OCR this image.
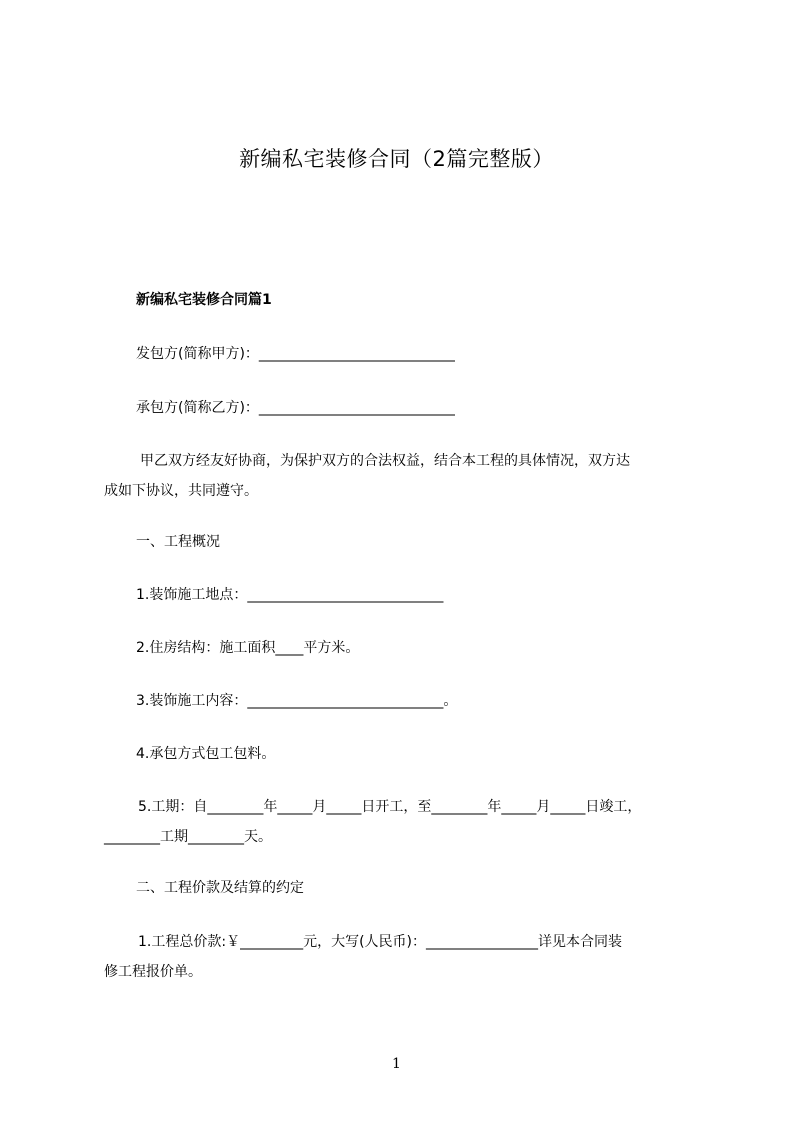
新编私宅装修合同（2篇完整版）
新编私宅装修合同篇1
发包方(简称甲方)：____________________________
承包方(简称乙方)：____________________________
甲乙双方经友好协商，为保护双方的合法权益，结合本工程的具体情况，双方达
成如下协议，共同遵守。
一、工程概况
1.装饰施工地点：____________________________
2.住房结构：施工面积____平方米。
3.装饰施工内容：____________________________。
4.承包方式包工包料。
5.工期：自________年_____月_____日开工，至________年_____月_____日竣工，
________工期________天。
二、工程价款及结算的约定
1.工程总价款:￥_________元，大写(人民币)：________________详见本合同装
修工程报价单。
1
